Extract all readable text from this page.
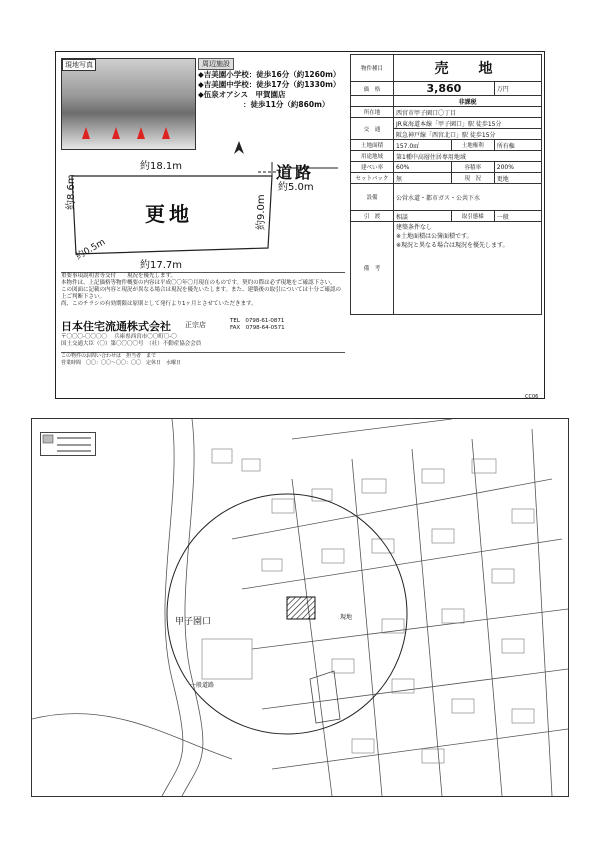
現地写真	周辺施設
◆吉美園小学校：徒歩16分（約1260m）
◆吉美園中学校：徒歩17分（約1330m）
◆伍泉オアシス　甲賀園店
　　　　　　：徒歩11分（約860m）
道路
約5.0m
約18.1m
約17.7m
約8.6m
約9.0m
約0.5m
更地
重要事項説明書等交付　　現況を優先します。
本物件は、上記価格等物件概要の内容は平成〇〇年〇月現在のものです。契約の際は必ず現地をご確認下さい。
この図面に記載の内容と現況が異なる場合は現況を優先いたします。また、建築後の取引については十分ご確認の上ご判断下さい。
尚、このチラシの有効期限は原則として発行より1ヶ月とさせていただきます。
日本住宅流通株式会社 正宗店
〒〇〇〇-〇〇〇〇 　兵庫県西宮市〇〇町〇-〇
国土交通大臣（〇）第〇〇〇〇号　（社）不動産協会会員
TEL　0798-61-0871
FAX　0798-64-0571
この物件のお問い合わせは　担当者　まで
営業時間　〇〇：〇〇〜〇〇：〇〇　定休日　水曜日
物件種目	売　地		
価　格	3,860		万円
	非課税		
所在地	西宮市甲子園口〇丁目		
交　通	JR東海道本線「甲子園口」駅 徒歩15分		
	阪急神戸線「西宮北口」駅 徒歩15分		
土地面積	157.0㎡	土地権利	所有権
用途地域	第1種中高層住居専用地域		
建ぺい率	60%	容積率	200%
セットバック	無	現　況	更地
設備	公営水道・都市ガス・公共下水		
引　渡	相談	取引態様	一般
備　考	建築条件なし
※土地面積は公簿面積です。
※現況と異なる場合は現況を優先します。		
CC06
甲子園口	現地
一般道路
